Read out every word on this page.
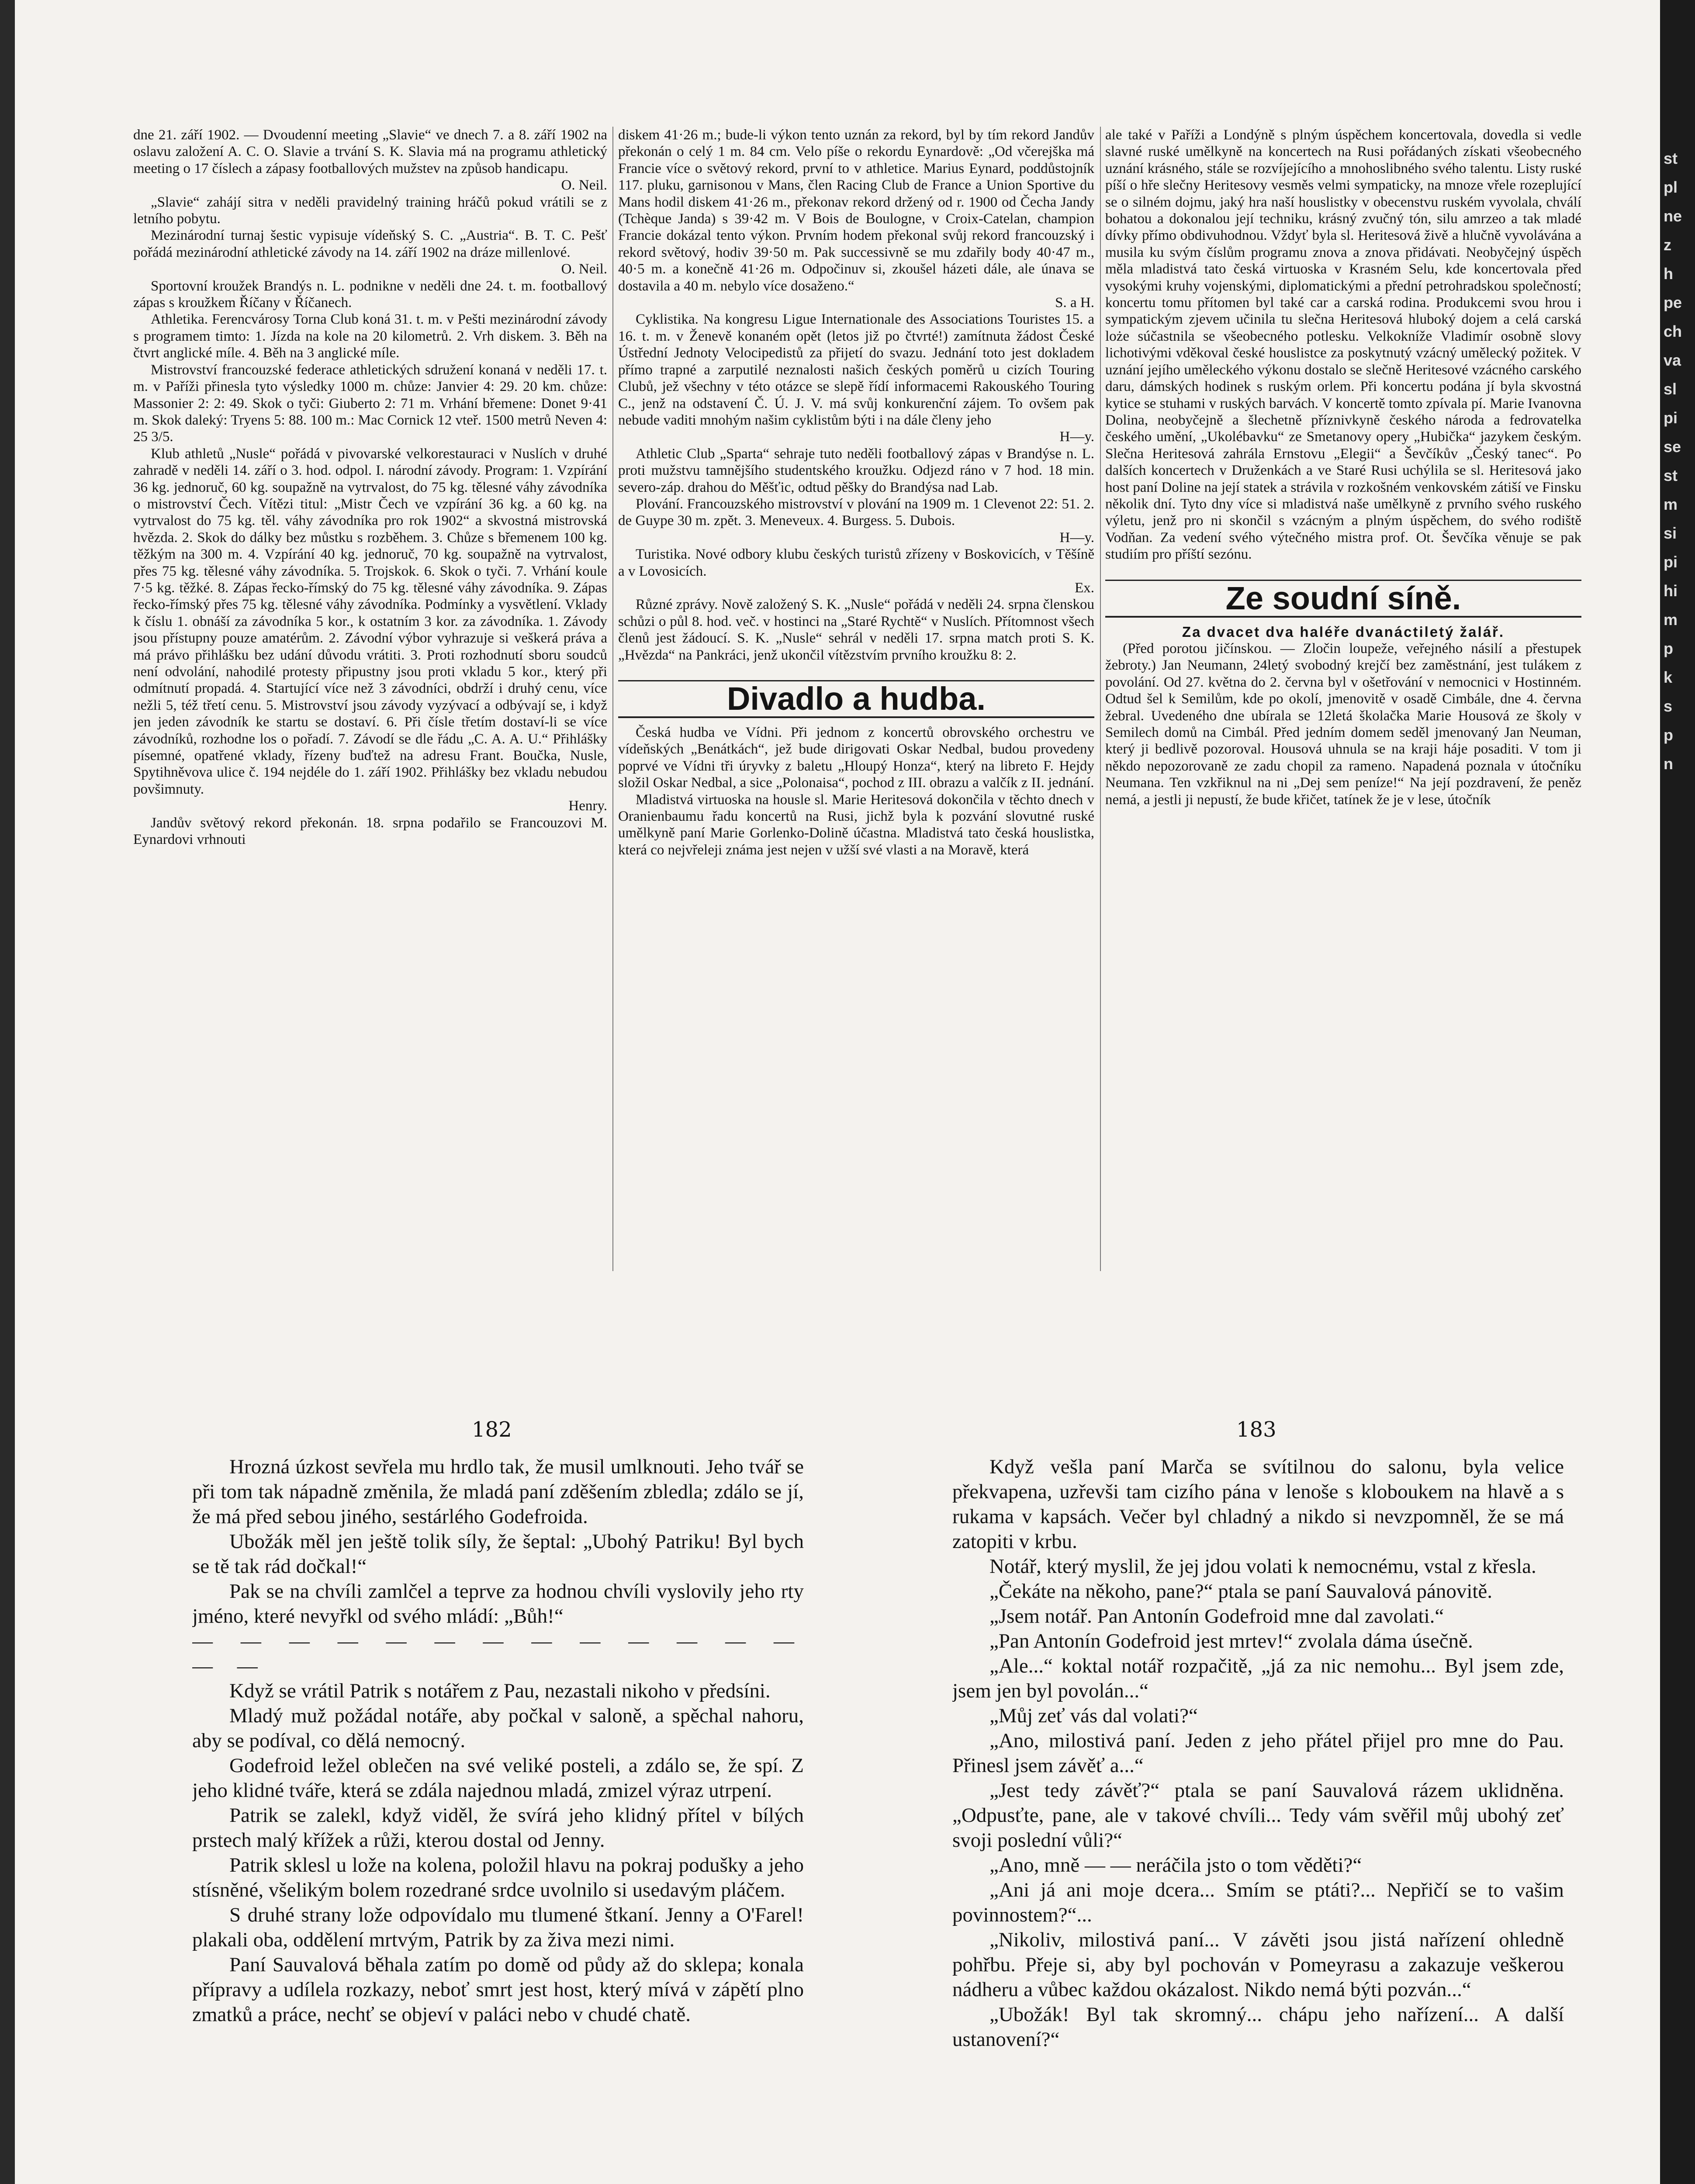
dne 21. září 1902. — Dvoudenní meeting „Slavie“ ve dnech 7. a 8. září 1902 na oslavu založení A. C. O. Slavie a trvání S. K. Slavia má na programu athletický meeting o 17 číslech a zápasy footballových mužstev na způsob handicapu.

O. Neil.

„Slavie“ zahájí sitra v neděli pravidelný training hráčů pokud vrátili se z letního pobytu.

Mezinárodní turnaj šestic vypisuje vídeňský S. C. „Austria“. B. T. C. Pešť pořádá mezinárodní athletické závody na 14. září 1902 na dráze millenlové.

O. Neil.

Sportovní kroužek Brandýs n. L. podnikne v neděli dne 24. t. m. footballový zápas s kroužkem Říčany v Říčanech.

Athletika. Ferencvárosy Torna Club koná 31. t. m. v Pešti mezinárodní závody s programem timto: 1. Jízda na kole na 20 kilometrů. 2. Vrh diskem. 3. Běh na čtvrt anglické míle. 4. Běh na 3 anglické míle.

Mistrovství francouzské federace athletických sdružení konaná v neděli 17. t. m. v Paříži přinesla tyto výsledky 1000 m. chůze: Janvier 4: 29. 20 km. chůze: Massonier 2: 2: 49. Skok o tyči: Giuberto 2: 71 m. Vrhání břemene: Donet 9·41 m. Skok daleký: Tryens 5: 88. 100 m.: Mac Cornick 12 vteř. 1500 metrů Neven 4: 25 3/5.

Klub athletů „Nusle“ pořádá v pivovarské velkorestauraci v Nuslích v druhé zahradě v neděli 14. září o 3. hod. odpol. I. národní závody. Program: 1. Vzpírání 36 kg. jednoruč, 60 kg. soupažně na vytrvalost, do 75 kg. tělesné váhy závodníka o mistrovství Čech. Vítězi titul: „Mistr Čech ve vzpírání 36 kg. a 60 kg. na vytrvalost do 75 kg. těl. váhy závodníka pro rok 1902“ a skvostná mistrovská hvězda. 2. Skok do dálky bez můstku s rozběhem. 3. Chůze s břemenem 100 kg. těžkým na 300 m. 4. Vzpírání 40 kg. jednoruč, 70 kg. soupažně na vytrvalost, přes 75 kg. tělesné váhy závodníka. 5. Trojskok. 6. Skok o tyči. 7. Vrhání koule 7·5 kg. těžké. 8. Zápas řecko-římský do 75 kg. tělesné váhy závodníka. 9. Zápas řecko-římský přes 75 kg. tělesné váhy závodníka. Podmínky a vysvětlení. Vklady k číslu 1. obnáší za závodníka 5 kor., k ostatním 3 kor. za závodníka. 1. Závody jsou přístupny pouze amatérům. 2. Závodní výbor vyhrazuje si veškerá práva a má právo přihlášku bez udání důvodu vrátiti. 3. Proti rozhodnutí sboru soudců není odvolání, nahodilé protesty připustny jsou proti vkladu 5 kor., který při odmítnutí propadá. 4. Startující více než 3 závodníci, obdrží i druhý cenu, více nežli 5, též třetí cenu. 5. Mistrovství jsou závody vyzývací a odbývají se, i když jen jeden závodník ke startu se dostaví. 6. Při čísle třetím dostaví-li se více závodníků, rozhodne los o pořadí. 7. Závodí se dle řádu „C. A. A. U.“ Přihlášky písemné, opatřené vklady, řízeny buďtež na adresu Frant. Boučka, Nusle, Spytihněvova ulice č. 194 nejdéle do 1. září 1902. Přihlášky bez vkladu nebudou povšimnuty.

Henry.

Jandův světový rekord překonán. 18. srpna podařilo se Francouzovi M. Eynardovi vrhnouti

diskem 41·26 m.; bude-li výkon tento uznán za rekord, byl by tím rekord Jandův překonán o celý 1 m. 84 cm. Velo píše o rekordu Eynardově: „Od včerejška má Francie více o světový rekord, první to v athletice. Marius Eynard, poddůstojník 117. pluku, garnisonou v Mans, člen Racing Club de France a Union Sportive du Mans hodil diskem 41·26 m., překonav rekord držený od r. 1900 od Čecha Jandy (Tchèque Janda) s 39·42 m. V Bois de Boulogne, v Croix-Catelan, champion Francie dokázal tento výkon. Prvním hodem překonal svůj rekord francouzský i rekord světový, hodiv 39·50 m. Pak successivně se mu zdařily body 40·47 m., 40·5 m. a konečně 41·26 m. Odpočinuv si, zkoušel házeti dále, ale únava se dostavila a 40 m. nebylo více dosaženo.“

S. a H.

Cyklistika. Na kongresu Ligue Internationale des Associations Touristes 15. a 16. t. m. v Ženevě konaném opět (letos již po čtvrté!) zamítnuta žádost České Ústřední Jednoty Velocipedistů za přijetí do svazu. Jednání toto jest dokladem přímo trapné a zarputilé neznalosti našich českých poměrů u cizích Touring Clubů, jež všechny v této otázce se slepě řídí informacemi Rakouského Touring C., jenž na odstavení Č. Ú. J. V. má svůj konkurenční zájem. To ovšem pak nebude vaditi mnohým našim cyklistům býti i na dále členy jeho

H—y.

Athletic Club „Sparta“ sehraje tuto neděli footballový zápas v Brandýse n. L. proti mužstvu tamnějšího studentského kroužku. Odjezd ráno v 7 hod. 18 min. severo-záp. drahou do Měšťic, odtud pěšky do Brandýsa nad Lab.

Plování. Francouzského mistrovství v plování na 1909 m. 1 Clevenot 22: 51. 2. de Guype 30 m. zpět. 3. Meneveux. 4. Burgess. 5. Dubois.

H—y.

Turistika. Nové odbory klubu českých turistů zřízeny v Boskovicích, v Těšíně a v Lovosicích.

Ex.

Různé zprávy. Nově založený S. K. „Nusle“ pořádá v neděli 24. srpna členskou schůzi o půl 8. hod. več. v hostinci na „Staré Rychtě“ v Nuslích. Přítomnost všech členů jest žádoucí. S. K. „Nusle“ sehrál v neděli 17. srpna match proti S. K. „Hvězda“ na Pankráci, jenž ukončil vítězstvím prvního kroužku 8: 2.

Divadlo a hudba.

Česká hudba ve Vídni. Při jednom z koncertů obrovského orchestru ve vídeňských „Benátkách“, jež bude dirigovati Oskar Nedbal, budou provedeny poprvé ve Vídni tři úryvky z baletu „Hloupý Honza“, který na libreto F. Hejdy složil Oskar Nedbal, a sice „Polonaisa“, pochod z III. obrazu a valčík z II. jednání.

Mladistvá virtuoska na housle sl. Marie Heritesová dokončila v těchto dnech v Oranienbaumu řadu koncertů na Rusi, jichž byla k pozvání slovutné ruské umělkyně paní Marie Gorlenko-Dolině účastna. Mladistvá tato česká houslistka, která co nejvřeleji známa jest nejen v užší své vlasti a na Moravě, která

ale také v Paříži a Londýně s plným úspěchem koncertovala, dovedla si vedle slavné ruské umělkyně na koncertech na Rusi pořádaných získati všeobecného uznání krásného, stále se rozvíjejícího a mnohoslibného svého talentu. Listy ruské píší o hře slečny Heritesovy vesměs velmi sympaticky, na mnoze vřele rozeplující se o silném dojmu, jaký hra naší houslistky v obecenstvu ruském vyvolala, chválí bohatou a dokonalou její techniku, krásný zvučný tón, silu amrzeo a tak mladé dívky přímo obdivuhodnou. Vždyť byla sl. Heritesová živě a hlučně vyvolávána a musila ku svým číslům programu znova a znova přidávati. Neobyčejný úspěch měla mladistvá tato česká virtuoska v Krasném Selu, kde koncertovala před vysokými kruhy vojenskými, diplomatickými a přední petrohradskou společností; koncertu tomu přítomen byl také car a carská rodina. Produkcemi svou hrou i sympatickým zjevem učinila tu slečna Heritesová hluboký dojem a celá carská loże súčastnila se všeobecného potlesku. Velkokníže Vladimír osobně slovy lichotivými vděkoval české houslistce za poskytnutý vzácný umělecký požitek. V uznání jejího uměleckého výkonu dostalo se slečně Heritesové vzácného carského daru, dámských hodinek s ruským orlem. Při koncertu podána jí byla skvostná kytice se stuhami v ruských barvách. V koncertě tomto zpívala pí. Marie Ivanovna Dolina, neobyčejně a šlechetně příznivkyně českého národa a fedrovatelka českého umění, „Ukolébavku“ ze Smetanovy opery „Hubička“ jazykem českým. Slečna Heritesová zahrála Ernstovu „Elegii“ a Ševčíkův „Český tanec“. Po dalších koncertech v Druženkách a ve Staré Rusi uchýlila se sl. Heritesová jako host paní Doline na její statek a strávila v rozkošném venkovském zátiší ve Finsku několik dní. Tyto dny více si mladistvá naše umělkyně z prvního svého ruského výletu, jenž pro ni skončil s vzácným a plným úspěchem, do svého rodiště Vodňan. Za vedení svého výtečného mistra prof. Ot. Ševčíka věnuje se pak studiím pro příští sezónu.

Ze soudní síně.
Za dvacet dva haléře dvanáctiletý žalář.

(Před porotou jičínskou. — Zločin loupeže, veřejného násilí a přestupek žebroty.) Jan Neumann, 24letý svobodný krejčí bez zaměstnání, jest tulákem z povolání. Od 27. května do 2. června byl v ošetřování v nemocnici v Hostinném. Odtud šel k Semilům, kde po okolí, jmenovitě v osadě Cimbále, dne 4. června žebral. Uvedeného dne ubírala se 12letá školačka Marie Housová ze školy v Semilech domů na Cimbál. Před jedním domem seděl jmenovaný Jan Neuman, který ji bedlivě pozoroval. Housová uhnula se na kraji háje posaditi. V tom ji někdo nepozorovaně ze zadu chopil za rameno. Napadená poznala v útočníku Neumana. Ten vzkřiknul na ni „Dej sem peníze!“ Na její pozdravení, že peněz nemá, a jestli ji nepustí, že bude křičet, tatínek že je v lese, útočník

st
pl
ne
z
h
pe
ch
va
sl
pi
se
st
m
si
pi
hi
m
p
k
s
p
n
182	183

Hrozná úzkost sevřela mu hrdlo tak, že musil umlknouti. Jeho tvář se při tom tak nápadně změnila, že mladá paní zděšením zbledla; zdálo se jí, že má před sebou jiného, sestárlého Godefroida.

Ubožák měl jen ještě tolik síly, že šeptal: „Ubohý Patriku! Byl bych se tě tak rád dočkal!“

Pak se na chvíli zamlčel a teprve za hodnou chvíli vyslovily jeho rty jméno, které nevyřkl od svého mládí: „Bůh!“

— — — — — — — — — — — — — — —

Když se vrátil Patrik s notářem z Pau, nezastali nikoho v předsíni.

Mladý muž požádal notáře, aby počkal v saloně, a spěchal nahoru, aby se podíval, co dělá nemocný.

Godefroid ležel oblečen na své veliké posteli, a zdálo se, že spí. Z jeho klidné tváře, která se zdála najednou mladá, zmizel výraz utrpení.

Patrik se zalekl, když viděl, že svírá jeho klidný přítel v bílých prstech malý křížek a růži, kterou dostal od Jenny.

Patrik sklesl u lože na kolena, položil hlavu na pokraj podušky a jeho stísněné, všelikým bolem rozedrané srdce uvolnilo si usedavým pláčem.

S druhé strany lože odpovídalo mu tlumené štkaní. Jenny a O'Farel! plakali oba, oddělení mrtvým, Patrik by za živa mezi nimi.

Paní Sauvalová běhala zatím po domě od půdy až do sklepa; konala přípravy a udílela rozkazy, neboť smrt jest host, který mívá v zápětí plno zmatků a práce, nechť se objeví v paláci nebo v chudé chatě.

Když vešla paní Marča se svítilnou do salonu, byla velice překvapena, uzřevši tam cizího pána v lenoše s kloboukem na hlavě a s rukama v kapsách. Večer byl chladný a nikdo si nevzpomněl, že se má zatopiti v krbu.

Notář, který myslil, že jej jdou volati k nemocnému, vstal z křesla.

„Čekáte na někoho, pane?“ ptala se paní Sauvalová pánovitě.

„Jsem notář. Pan Antonín Godefroid mne dal zavolati.“

„Pan Antonín Godefroid jest mrtev!“ zvolala dáma úsečně.

„Ale...“ koktal notář rozpačitě, „já za nic nemohu... Byl jsem zde, jsem jen byl povolán...“

„Můj zeť vás dal volati?“

„Ano, milostivá paní. Jeden z jeho přátel přijel pro mne do Pau. Přinesl jsem závěť a...“

„Jest tedy závěť?“ ptala se paní Sauvalová rázem uklidněna. „Odpusťte, pane, ale v takové chvíli... Tedy vám svěřil můj ubohý zeť svoji poslední vůli?“

„Ano, mně — — neráčila jsto o tom věděti?“

„Ani já ani moje dcera... Smím se ptáti?... Nepřičí se to vašim povinnostem?“...

„Nikoliv, milostivá paní... V závěti jsou jistá nařízení ohledně pohřbu. Přeje si, aby byl pochován v Pomeyrasu a zakazuje veškerou nádheru a vůbec každou okázalost. Nikdo nemá býti pozván...“

„Ubožák! Byl tak skromný... chápu jeho nařízení... A další ustanovení?“
